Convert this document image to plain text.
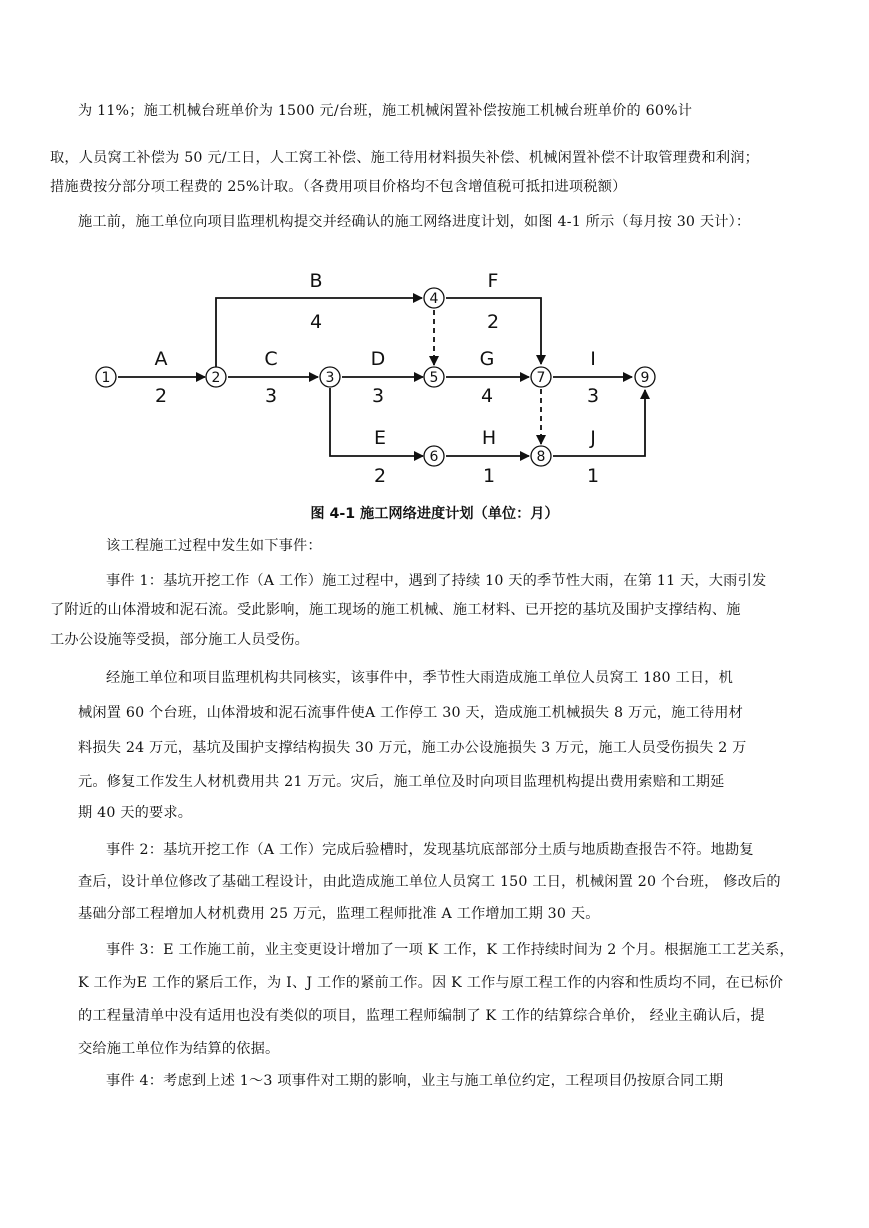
为 11%；施工机械台班单价为 1500 元/台班，施工机械闲置补偿按施工机械台班单价的 60%计
取，人员窝工补偿为 50 元/工日，人工窝工补偿、施工待用材料损失补偿、机械闲置补偿不计取管理费和利润；
措施费按分部分项工程费的 25%计取。（各费用项目价格均不包含增值税可抵扣进项税额）
施工前，施工单位向项目监理机构提交并经确认的施工网络进度计划，如图 4-1 所示（每月按 30 天计）：
A
2
B
4
C
3
D
3
E
2
F
2
G
4
H
1
I
3
J
1
1	2	3
4
5
6
7
8
9
图 4-1 施工网络进度计划（单位：月）
该工程施工过程中发生如下事件：
事件 1：基坑开挖工作（A 工作）施工过程中，遇到了持续 10 天的季节性大雨，在第 11 天，大雨引发
了附近的山体滑坡和泥石流。受此影响，施工现场的施工机械、施工材料、已开挖的基坑及围护支撑结构、施
工办公设施等受损，部分施工人员受伤。
经施工单位和项目监理机构共同核实，该事件中，季节性大雨造成施工单位人员窝工 180 工日，机
械闲置 60 个台班，山体滑坡和泥石流事件使A 工作停工 30 天，造成施工机械损失 8 万元，施工待用材
料损失 24 万元，基坑及围护支撑结构损失 30 万元，施工办公设施损失 3 万元，施工人员受伤损失 2 万
元。修复工作发生人材机费用共 21 万元。灾后，施工单位及时向项目监理机构提出费用索赔和工期延
期 40 天的要求。
事件 2：基坑开挖工作（A 工作）完成后验槽时，发现基坑底部部分土质与地质勘查报告不符。地勘复
查后，设计单位修改了基础工程设计，由此造成施工单位人员窝工 150 工日，机械闲置 20 个台班， 修改后的
基础分部工程增加人材机费用 25 万元，监理工程师批准 A 工作增加工期 30 天。
事件 3：E 工作施工前，业主变更设计增加了一项 K 工作，K 工作持续时间为 2 个月。根据施工工艺关系，
K 工作为E 工作的紧后工作，为 I、J 工作的紧前工作。因 K 工作与原工程工作的内容和性质均不同，在已标价
的工程量清单中没有适用也没有类似的项目，监理工程师编制了 K 工作的结算综合单价， 经业主确认后，提
交给施工单位作为结算的依据。
事件 4：考虑到上述 1～3 项事件对工期的影响，业主与施工单位约定，工程项目仍按原合同工期
